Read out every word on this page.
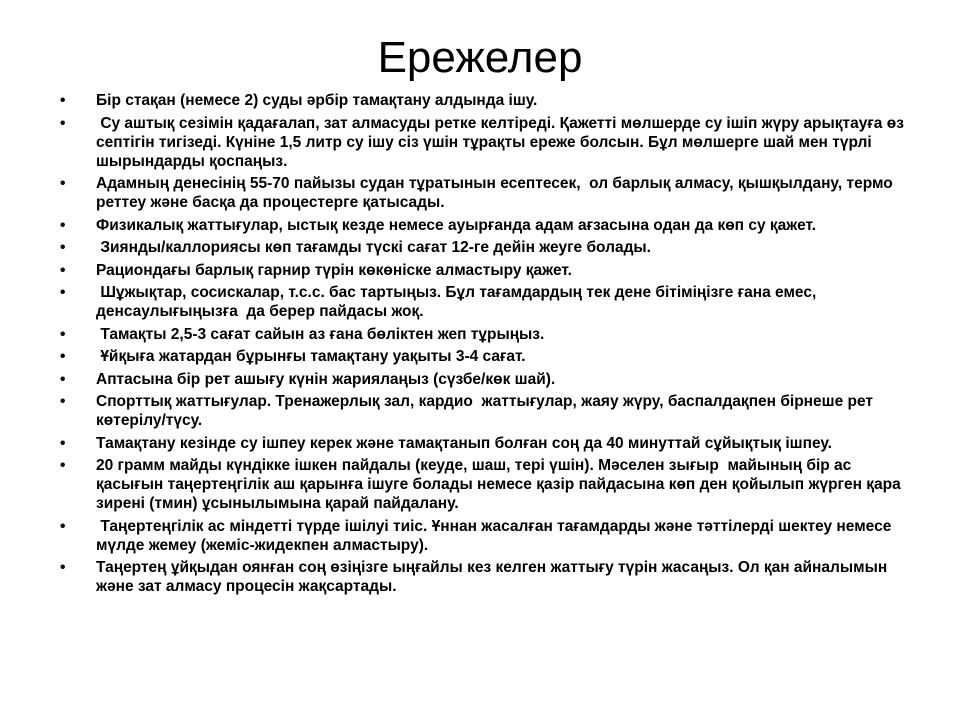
Ережелер
• Бір стақан (немесе 2) суды әрбір тамақтану алдында ішу.
• Су аштық сезімін қадағалап, зат алмасуды ретке келтіреді. Қажетті мөлшерде су ішіп жүру арықтауға өз септігін тигізеді. Күніне 1,5 литр су ішу сіз үшін тұрақты ереже болсын. Бұл мөлшерге шай мен түрлі шырындарды қоспаңыз.
• Адамның денесінің 55-70 пайызы судан тұратынын есептесек,  ол барлық алмасу, қышқылдану, термо реттеу және басқа да процестерге қатысады.
• Физикалық жаттығулар, ыстық кезде немесе ауырғанда адам ағзасына одан да көп су қажет.
• Зиянды/каллориясы көп тағамды түскі сағат 12-ге дейін жеуге болады.
• Рациондағы барлық гарнир түрін көкөніске алмастыру қажет.
• Шұжықтар, сосискалар, т.с.с. бас тартыңыз. Бұл тағамдардың тек дене бітіміңізге ғана емес, денсаулығыңызға  да берер пайдасы жоқ.
• Тамақты 2,5-3 сағат сайын аз ғана бөліктен жеп тұрыңыз.
• Ұйқыға жатардан бұрынғы тамақтану уақыты 3-4 сағат.
• Аптасына бір рет ашығу күнін жариялаңыз (сүзбе/көк шай).
• Спорттық жаттығулар. Тренажерлық зал, кардио  жаттығулар, жаяу жүру, баспалдақпен бірнеше рет көтерілу/түсу.
• Тамақтану кезінде су ішпеу керек және тамақтанып болған соң да 40 минуттай сұйықтық ішпеу.
• 20 грамм майды күндікке ішкен пайдалы (кеуде, шаш, тері үшін). Мәселен зығыр  майының бір ас қасығын таңертеңгілік аш қарынға ішуге болады немесе қазір пайдасына көп ден қойылып жүрген қара зирені (тмин) ұсынылымына қарай пайдалану.
• Таңертеңгілік ас міндетті түрде ішілуі тиіс. Ұннан жасалған тағамдарды және тәттілерді шектеу немесе мүлде жемеу (жеміс-жидекпен алмастыру).
• Таңертең ұйқыдан оянған соң өзіңізге ыңғайлы кез келген жаттығу түрін жасаңыз. Ол қан айналымын және зат алмасу процесін жақсартады.
